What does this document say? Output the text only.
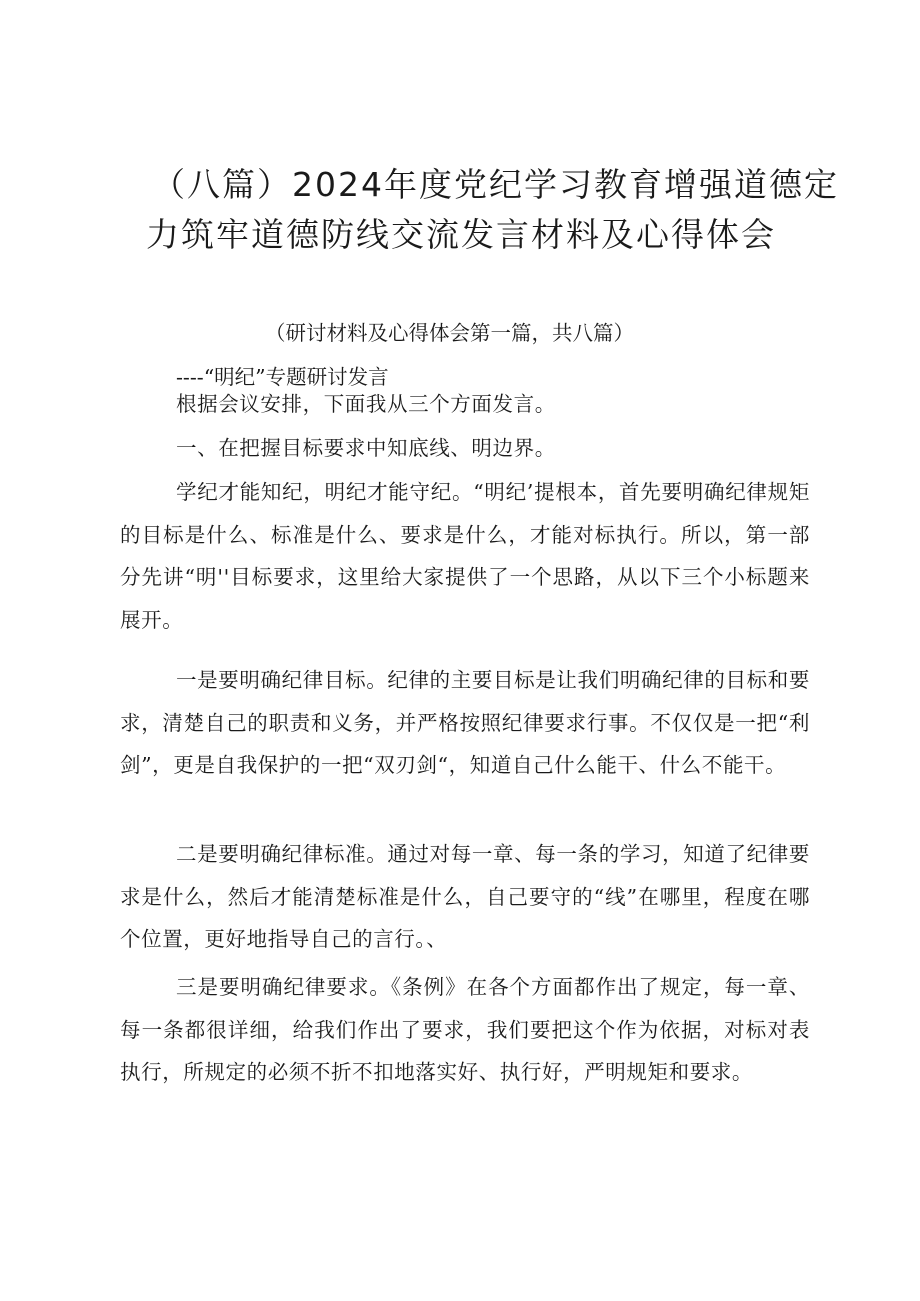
（八篇）2024年度党纪学习教育增强道德定
力筑牢道德防线交流发言材料及心得体会
（研讨材料及心得体会第一篇，共八篇）
----“明纪”专题研讨发言

根据会议安排，下面我从三个方面发言。

一、在把握目标要求中知底线、明边界。

学纪才能知纪，明纪才能守纪。“明纪’提根本，首先要明确纪律规矩的目标是什么、标准是什么、要求是什么，才能对标执行。所以，第一部分先讲“明''目标要求，这里给大家提供了一个思路，从以下三个小标题来展开。

一是要明确纪律目标。纪律的主要目标是让我们明确纪律的目标和要求，清楚自己的职责和义务，并严格按照纪律要求行事。不仅仅是一把“利剑”，更是自我保护的一把“双刃剑“，知道自己什么能干、什么不能干。

二是要明确纪律标准。通过对每一章、每一条的学习，知道了纪律要求是什么，然后才能清楚标准是什么，自己要守的“线”在哪里，程度在哪个位置，更好地指导自己的言行。、

三是要明确纪律要求。《条例》在各个方面都作出了规定，每一章、每一条都很详细，给我们作出了要求，我们要把这个作为依据，对标对表执行，所规定的必须不折不扣地落实好、执行好，严明规矩和要求。
